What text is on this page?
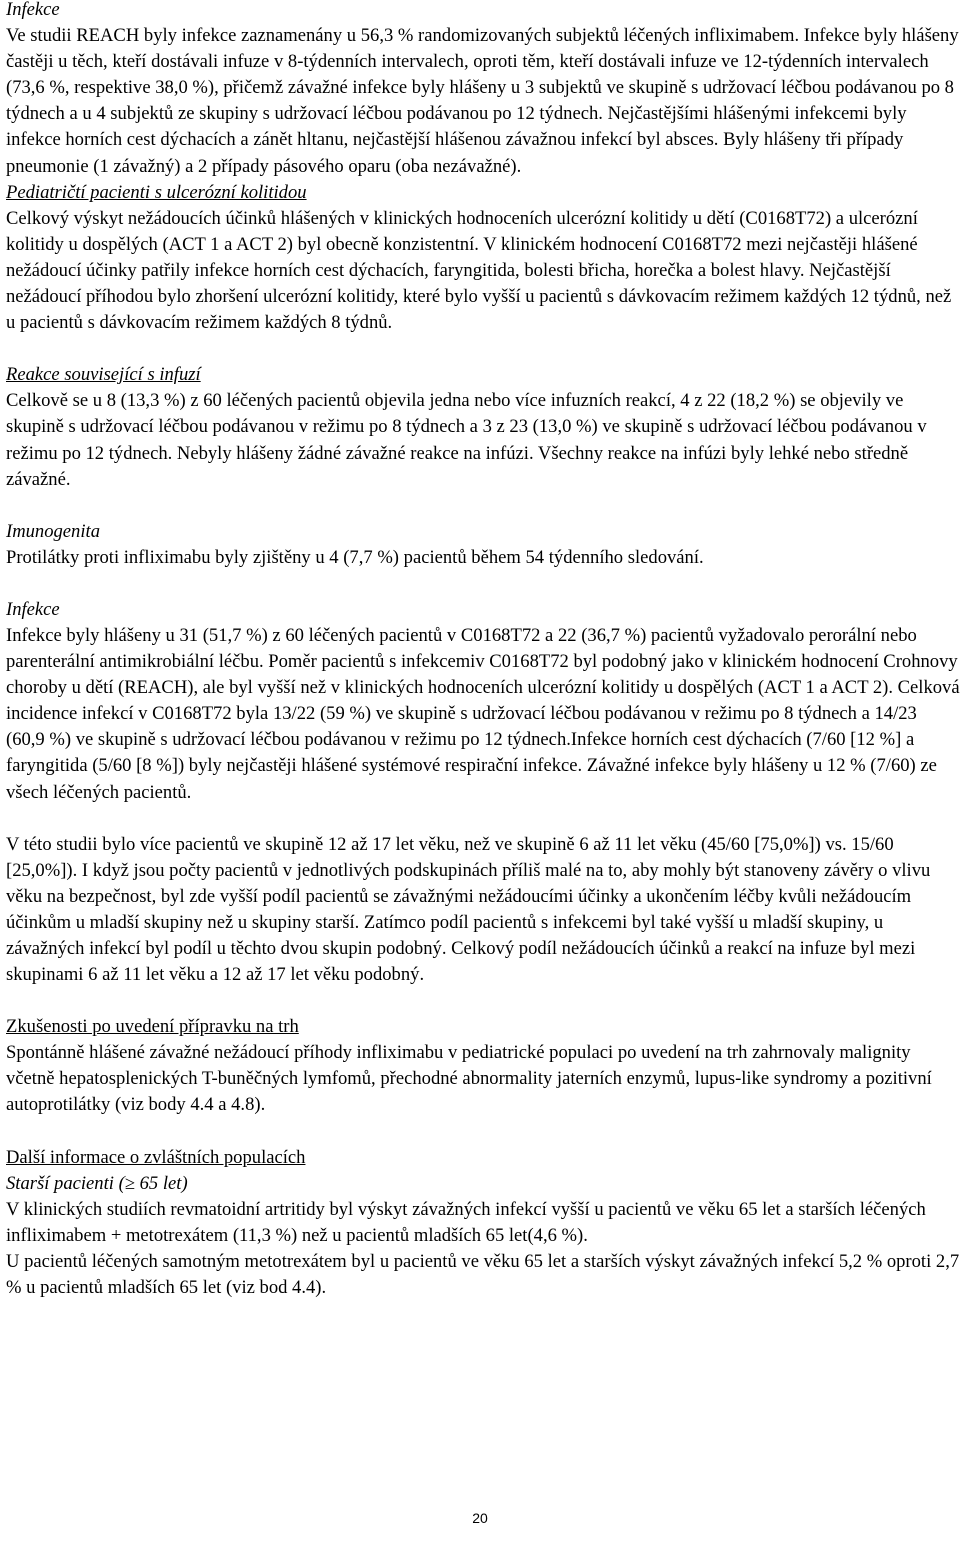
Infekce

Ve studii REACH byly infekce zaznamenány u 56,3 % randomizovaných subjektů léčených infliximabem. Infekce byly hlášeny častěji u těch, kteří dostávali infuze v 8-týdenních intervalech, oproti těm, kteří dostávali infuze ve 12-týdenních intervalech (73,6 %, respektive 38,0 %), přičemž závažné infekce byly hlášeny u 3 subjektů ve skupině s udržovací léčbou podávanou po 8 týdnech a u 4 subjektů ze skupiny s udržovací léčbou podávanou po 12 týdnech. Nejčastějšími hlášenými infekcemi byly infekce horních cest dýchacích a zánět hltanu, nejčastější hlášenou závažnou infekcí byl absces. Byly hlášeny tři případy pneumonie (1 závažný) a 2 případy pásového oparu (oba nezávažné).

Pediatričtí pacienti s ulcerózní kolitidou

Celkový výskyt nežádoucích účinků hlášených v klinických hodnoceních ulcerózní kolitidy u dětí (C0168T72) a ulcerózní kolitidy u dospělých (ACT 1 a ACT 2) byl obecně konzistentní. V klinickém hodnocení C0168T72 mezi nejčastěji hlášené nežádoucí účinky patřily infekce horních cest dýchacích, faryngitida, bolesti břicha, horečka a bolest hlavy. Nejčastější nežádoucí příhodou bylo zhoršení ulcerózní kolitidy, které bylo vyšší u pacientů s dávkovacím režimem každých 12 týdnů, než u pacientů s dávkovacím režimem každých 8 týdnů.

Reakce související s infuzí

Celkově se u 8 (13,3 %) z 60 léčených pacientů objevila jedna nebo více infuzních reakcí, 4 z 22 (18,2 %) se objevily ve skupině s udržovací léčbou podávanou v režimu po 8 týdnech a 3 z 23 (13,0 %) ve skupině s udržovací léčbou podávanou v režimu po 12 týdnech. Nebyly hlášeny žádné závažné reakce na infúzi. Všechny reakce na infúzi byly lehké nebo středně závažné.

Imunogenita

Protilátky proti infliximabu byly zjištěny u 4 (7,7 %) pacientů během 54 týdenního sledování.

Infekce

Infekce byly hlášeny u 31 (51,7 %) z 60 léčených pacientů v C0168T72 a 22 (36,7 %) pacientů vyžadovalo perorální nebo parenterální antimikrobiální léčbu. Poměr pacientů s infekcemiv C0168T72 byl podobný jako v klinickém hodnocení Crohnovy choroby u dětí (REACH), ale byl vyšší než v klinických hodnoceních ulcerózní kolitidy u dospělých (ACT 1 a ACT 2). Celková incidence infekcí v C0168T72 byla 13/22 (59 %) ve skupině s udržovací léčbou podávanou v režimu po 8 týdnech a 14/23 (60,9 %) ve skupině s udržovací léčbou podávanou v režimu po 12 týdnech.Infekce horních cest dýchacích (7/60 [12 %] a faryngitida (5/60 [8 %]) byly nejčastěji hlášené systémové respirační infekce. Závažné infekce byly hlášeny u 12 % (7/60) ze všech léčených pacientů.

V této studii bylo více pacientů ve skupině 12 až 17 let věku, než ve skupině 6 až 11 let věku (45/60 [75,0%]) vs. 15/60 [25,0%]). I když jsou počty pacientů v jednotlivých podskupinách příliš malé na to, aby mohly být stanoveny závěry o vlivu věku na bezpečnost, byl zde vyšší podíl pacientů se závažnými nežádoucími účinky a ukončením léčby kvůli nežádoucím účinkům u mladší skupiny než u skupiny starší. Zatímco podíl pacientů s infekcemi byl také vyšší u mladší skupiny, u závažných infekcí byl podíl u těchto dvou skupin podobný. Celkový podíl nežádoucích účinků a reakcí na infuze byl mezi skupinami 6 až 11 let věku a 12 až 17 let věku podobný.

Zkušenosti po uvedení přípravku na trh

Spontánně hlášené závažné nežádoucí příhody infliximabu v pediatrické populaci po uvedení na trh zahrnovaly malignity včetně hepatosplenických T-buněčných lymfomů, přechodné abnormality jaterních enzymů, lupus-like syndromy a pozitivní autoprotilátky (viz body 4.4 a 4.8).

Další informace o zvláštních populacích

Starší pacienti (≥ 65 let)

V klinických studiích revmatoidní artritidy byl výskyt závažných infekcí vyšší u pacientů ve věku 65 let a starších léčených infliximabem + metotrexátem (11,3 %) než u pacientů mladších 65 let(4,6 %).

U pacientů léčených samotným metotrexátem byl u pacientů ve věku 65 let a starších výskyt závažných infekcí 5,2 % oproti 2,7 % u pacientů mladších 65 let (viz bod 4.4).

20
